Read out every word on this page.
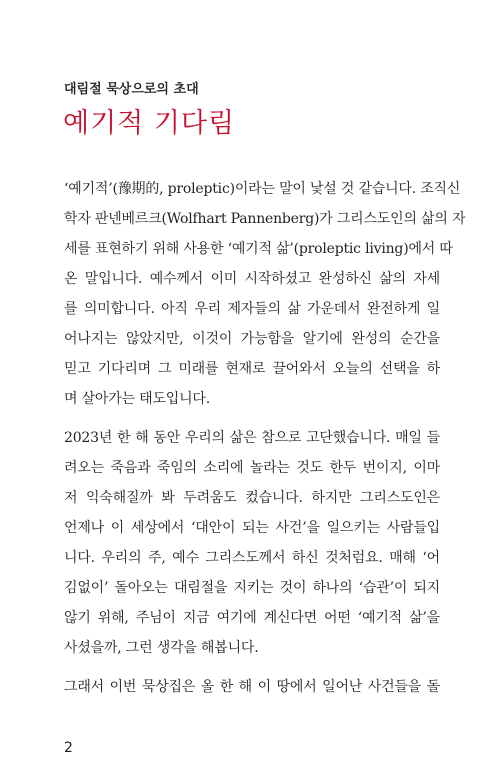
대림절 묵상으로의 초대
예기적 기다림
‘예기적’(豫期的, proleptic)이라는 말이 낯설 것 같습니다. 조직신
학자 판넨베르크(Wolfhart Pannenberg)가 그리스도인의 삶의 자
세를 표현하기 위해 사용한 ‘예기적 삶’(proleptic living)에서 따
온 말입니다. 예수께서 이미 시작하셨고 완성하신 삶의 자세
를 의미합니다. 아직 우리 제자들의 삶 가운데서 완전하게 일
어나지는 않았지만, 이것이 가능함을 알기에 완성의 순간을
믿고 기다리며 그 미래를 현재로 끌어와서 오늘의 선택을 하
며 살아가는 태도입니다.
2023년 한 해 동안 우리의 삶은 참으로 고단했습니다. 매일 들
려오는 죽음과 죽임의 소리에 놀라는 것도 한두 번이지, 이마
저 익숙해질까 봐 두려움도 컸습니다. 하지만 그리스도인은
언제나 이 세상에서 ‘대안이 되는 사건’을 일으키는 사람들입
니다. 우리의 주, 예수 그리스도께서 하신 것처럼요. 매해 ‘어
김없이’ 돌아오는 대림절을 지키는 것이 하나의 ‘습관’이 되지
않기 위해, 주님이 지금 여기에 계신다면 어떤 ‘예기적 삶’을
사셨을까, 그런 생각을 해봅니다.
그래서 이번 묵상집은 올 한 해 이 땅에서 일어난 사건들을 돌
2
